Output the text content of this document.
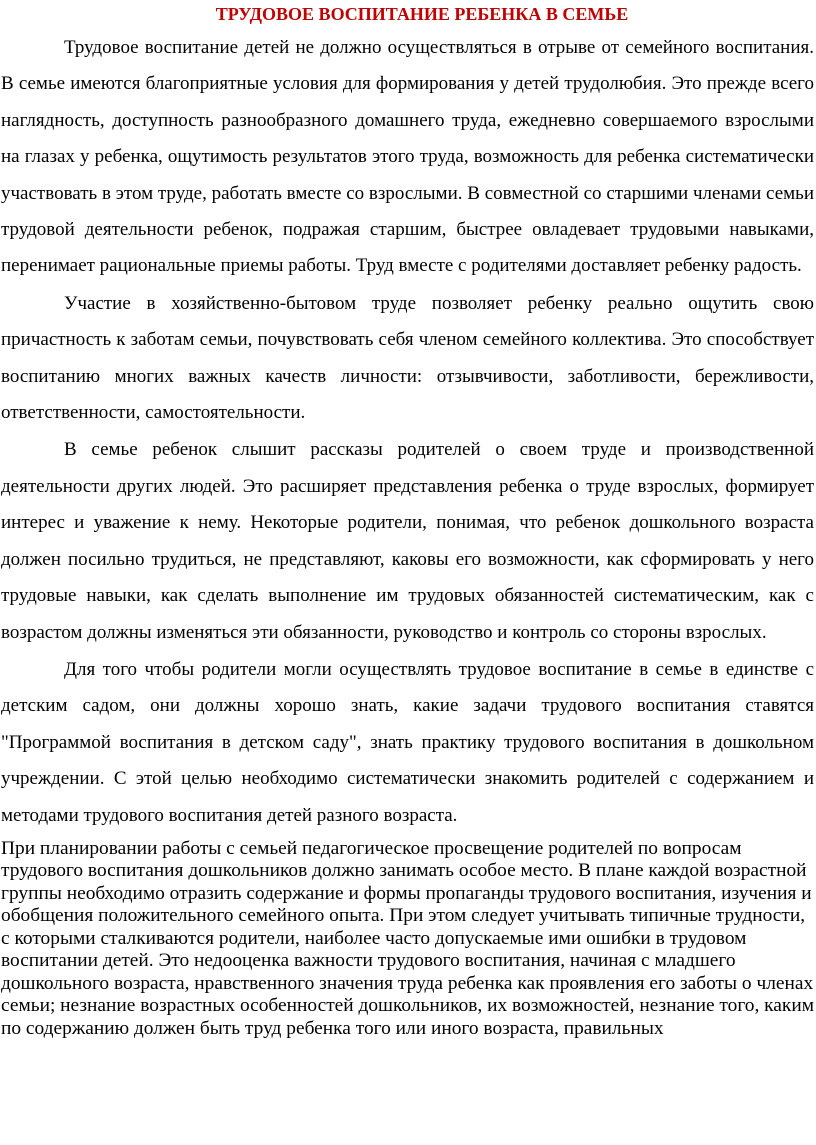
ТРУДОВОЕ ВОСПИТАНИЕ РЕБЕНКА В СЕМЬЕ

Трудовое воспитание детей не должно осуществляться в отрыве от семейного воспитания. В семье имеются благоприятные условия для формирования у детей трудолюбия. Это прежде всего наглядность, доступность разнообразного домашнего труда, ежедневно совершаемого взрослыми на глазах у ребенка, ощутимость результатов этого труда, возможность для ребенка систематически участвовать в этом труде, работать вместе со взрослыми. В совместной со старшими членами семьи трудовой деятельности ребенок, подражая старшим, быстрее овладевает трудовыми навыками, перенимает рациональные приемы работы. Труд вместе с родителями доставляет ребенку радость.

Участие в хозяйственно-бытовом труде позволяет ребенку реально ощутить свою причастность к заботам семьи, почувствовать себя членом семейного коллектива. Это способствует воспитанию многих важных качеств личности: отзывчивости, заботливости, бережливости, ответственности, самостоятельности.

В семье ребенок слышит рассказы родителей о своем труде и производственной деятельности других людей. Это расширяет представления ребенка о труде взрослых, формирует интерес и уважение к нему. Некоторые родители, понимая, что ребенок дошкольного возраста должен посильно трудиться, не представляют, каковы его возможности, как сформировать у него трудовые навыки, как сделать выполнение им трудовых обязанностей систематическим, как с возрастом должны изменяться эти обязанности, руководство и контроль со стороны взрослых.

Для того чтобы родители могли осуществлять трудовое воспитание в семье в единстве с детским садом, они должны хорошо знать, какие задачи трудового воспитания ставятся "Программой воспитания в детском саду", знать практику трудового воспитания в дошкольном учреждении. С этой целью необходимо систематически знакомить родителей с содержанием и методами трудового воспитания детей разного возраста.

При планировании работы с семьей педагогическое просвещение родителей по вопросам трудового воспитания дошкольников должно занимать особое место. В плане каждой возрастной группы необходимо отразить содержание и формы пропаганды трудового воспитания, изучения и обобщения положительного семейного опыта. При этом следует учитывать типичные трудности, с которыми сталкиваются родители, наиболее часто допускаемые ими ошибки в трудовом воспитании детей. Это недооценка важности трудового воспитания, начиная с младшего дошкольного возраста, нравственного значения труда ребенка как проявления его заботы о членах семьи; незнание возрастных особенностей дошкольников, их возможностей, незнание того, каким по содержанию должен быть труд ребенка того или иного возраста, правильных
